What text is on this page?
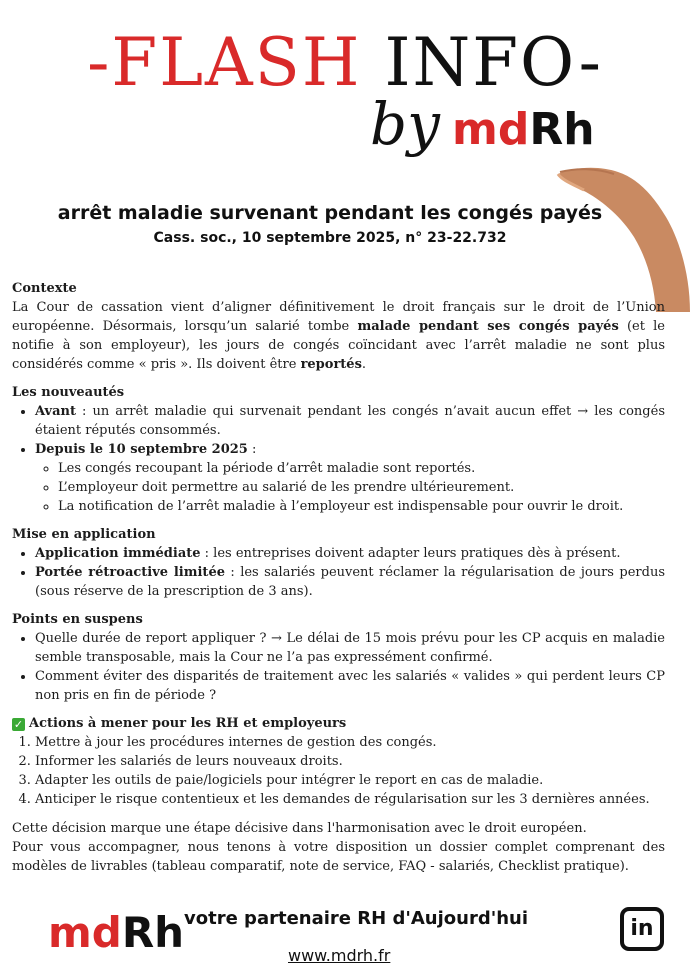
-FLASH INFO-
by mdRh
arrêt maladie survenant pendant les congés payés
Cass. soc., 10 septembre 2025, n° 23-22.732
Contexte

La Cour de cassation vient d’aligner définitivement le droit français sur le droit de l’Union européenne. Désormais, lorsqu’un salarié tombe malade pendant ses congés payés (et le notifie à son employeur), les jours de congés coïncidant avec l’arrêt maladie ne sont plus considérés comme « pris ». Ils doivent être reportés.

Les nouveautés
• Avant : un arrêt maladie qui survenait pendant les congés n’avait aucun effet → les congés étaient réputés consommés.
• Depuis le 10 septembre 2025 :
◦ Les congés recoupant la période d’arrêt maladie sont reportés.
◦ L’employeur doit permettre au salarié de les prendre ultérieurement.
◦ La notification de l’arrêt maladie à l’employeur est indispensable pour ouvrir le droit.
Mise en application
• Application immédiate : les entreprises doivent adapter leurs pratiques dès à présent.
• Portée rétroactive limitée : les salariés peuvent réclamer la régularisation de jours perdus (sous réserve de la prescription de 3 ans).
Points en suspens
• Quelle durée de report appliquer ? → Le délai de 15 mois prévu pour les CP acquis en maladie semble transposable, mais la Cour ne l’a pas expressément confirmé.
• Comment éviter des disparités de traitement avec les salariés « valides » qui perdent leurs CP non pris en fin de période ?
✓ Actions à mener pour les RH et employeurs
1. Mettre à jour les procédures internes de gestion des congés.
2. Informer les salariés de leurs nouveaux droits.
3. Adapter les outils de paie/logiciels pour intégrer le report en cas de maladie.
4. Anticiper le risque contentieux et les demandes de régularisation sur les 3 dernières années.

Cette décision marque une étape décisive dans l'harmonisation avec le droit européen.

Pour vous accompagner, nous tenons à votre disposition un dossier complet comprenant des modèles de livrables (tableau comparatif, note de service, FAQ - salariés, Checklist pratique).

mdRh votre partenaire RH d'Aujourd'hui
www.mdrh.fr
in
